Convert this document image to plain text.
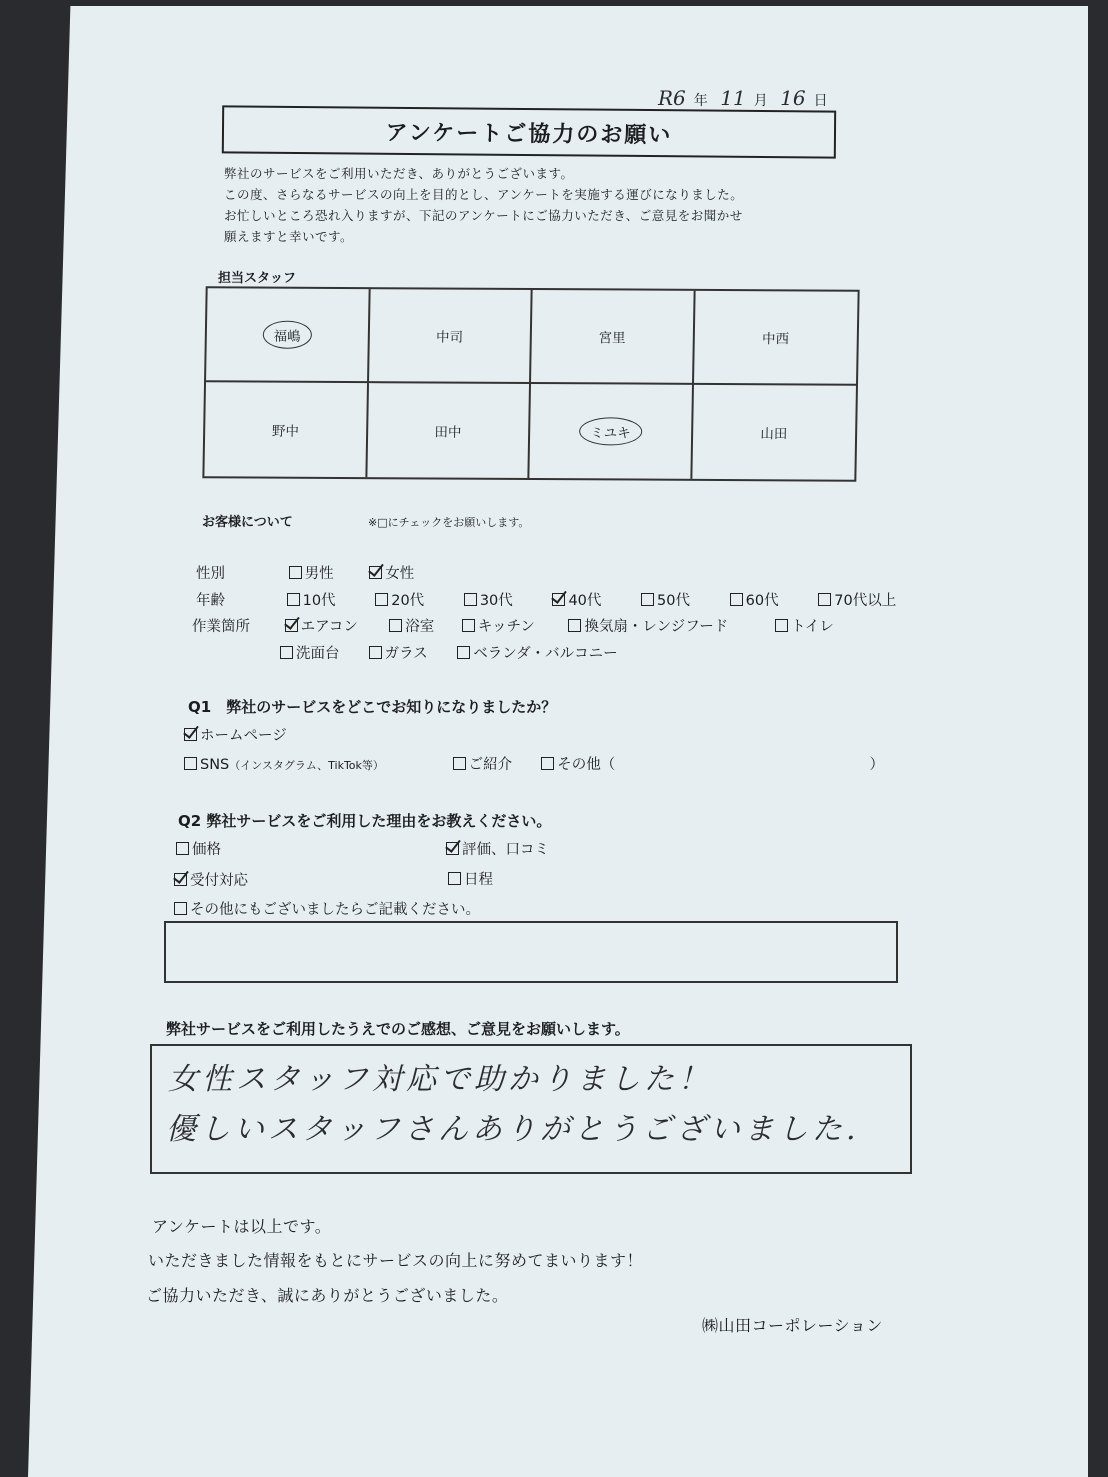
R6 年 11 月 16 日
アンケートご協力のお願い
弊社のサービスをご利用いただき、ありがとうございます。
この度、さらなるサービスの向上を目的とし、アンケートを実施する運びになりました。
お忙しいところ恐れ入りますが、下記のアンケートにご協力いただき、ご意見をお聞かせ
願えますと幸いです。
担当スタッフ
福嶋	中司	宮里	中西
野中	田中	ミユキ	山田
お客様について	※□にチェックをお願いします。
性別	男性	女性
年齢	10代	20代	30代	40代	50代	60代	70代以上
作業箇所	エアコン	浴室	キッチン	換気扇・レンジフード	トイレ
洗面台	ガラス	ベランダ・バルコニー
Q1　弊社のサービスをどこでお知りになりましたか？
ホームページ
SNS（インスタグラム、TikTok等）	ご紹介	その他（	）
Q2 弊社サービスをご利用した理由をお教えください。
価格	評価、口コミ
受付対応	日程
その他にもございましたらご記載ください。
弊社サービスをご利用したうえでのご感想、ご意見をお願いします。
女性スタッフ対応で助かりました！
優しいスタッフさんありがとうございました.
アンケートは以上です。
いただきました情報をもとにサービスの向上に努めてまいります！
ご協力いただき、誠にありがとうございました。
㈱山田コーポレーション
